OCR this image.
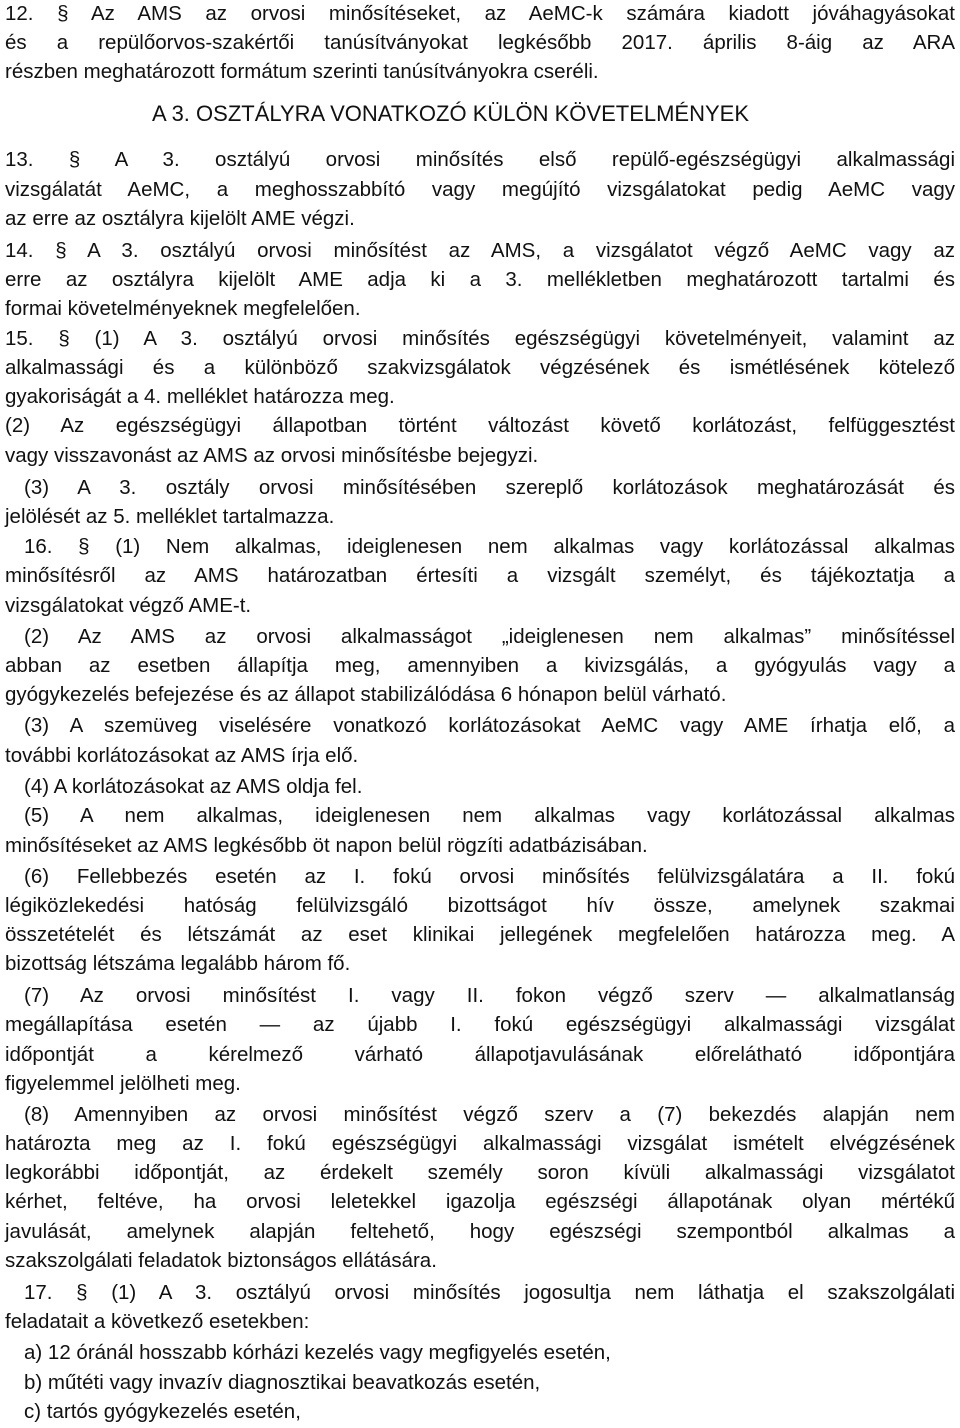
12. § Az AMS az orvosi minősítéseket, az AeMC-k számára kiadott jóváhagyásokat
és a repülőorvos-szakértői tanúsítványokat legkésőbb 2017. április 8-áig az ARA
részben meghatározott formátum szerinti tanúsítványokra cseréli.
A 3. OSZTÁLYRA VONATKOZÓ KÜLÖN KÖVETELMÉNYEK
13. § A 3. osztályú orvosi minősítés első repülő-egészségügyi alkalmassági
vizsgálatát AeMC, a meghosszabbító vagy megújító vizsgálatokat pedig AeMC vagy
az erre az osztályra kijelölt AME végzi.
14. § A 3. osztályú orvosi minősítést az AMS, a vizsgálatot végző AeMC vagy az
erre az osztályra kijelölt AME adja ki a 3. mellékletben meghatározott tartalmi és
formai követelményeknek megfelelően.
15. § (1) A 3. osztályú orvosi minősítés egészségügyi követelményeit, valamint az
alkalmassági és a különböző szakvizsgálatok végzésének és ismétlésének kötelező
gyakoriságát a 4. melléklet határozza meg.
(2) Az egészségügyi állapotban történt változást követő korlátozást, felfüggesztést
vagy visszavonást az AMS az orvosi minősítésbe bejegyzi.
(3) A 3. osztály orvosi minősítésében szereplő korlátozások meghatározását és
jelölését az 5. melléklet tartalmazza.
16. § (1) Nem alkalmas, ideiglenesen nem alkalmas vagy korlátozással alkalmas
minősítésről az AMS határozatban értesíti a vizsgált személyt, és tájékoztatja a
vizsgálatokat végző AME-t.
(2) Az AMS az orvosi alkalmasságot „ideiglenesen nem alkalmas” minősítéssel
abban az esetben állapítja meg, amennyiben a kivizsgálás, a gyógyulás vagy a
gyógykezelés befejezése és az állapot stabilizálódása 6 hónapon belül várható.
(3) A szemüveg viselésére vonatkozó korlátozásokat AeMC vagy AME írhatja elő, a
további korlátozásokat az AMS írja elő.
(4) A korlátozásokat az AMS oldja fel.
(5) A nem alkalmas, ideiglenesen nem alkalmas vagy korlátozással alkalmas
minősítéseket az AMS legkésőbb öt napon belül rögzíti adatbázisában.
(6) Fellebbezés esetén az I. fokú orvosi minősítés felülvizsgálatára a II. fokú
légiközlekedési hatóság felülvizsgáló bizottságot hív össze, amelynek szakmai
összetételét és létszámát az eset klinikai jellegének megfelelően határozza meg. A
bizottság létszáma legalább három fő.
(7) Az orvosi minősítést I. vagy II. fokon végző szerv — alkalmatlanság
megállapítása esetén — az újabb I. fokú egészségügyi alkalmassági vizsgálat
időpontját a kérelmező várható állapotjavulásának előrelátható időpontjára
figyelemmel jelölheti meg.
(8) Amennyiben az orvosi minősítést végző szerv a (7) bekezdés alapján nem
határozta meg az I. fokú egészségügyi alkalmassági vizsgálat ismételt elvégzésének
legkorábbi időpontját, az érdekelt személy soron kívüli alkalmassági vizsgálatot
kérhet, feltéve, ha orvosi leletekkel igazolja egészségi állapotának olyan mértékű
javulását, amelynek alapján feltehető, hogy egészségi szempontból alkalmas a
szakszolgálati feladatok biztonságos ellátására.
17. § (1) A 3. osztályú orvosi minősítés jogosultja nem láthatja el szakszolgálati
feladatait a következő esetekben:
a) 12 óránál hosszabb kórházi kezelés vagy megfigyelés esetén,
b) műtéti vagy invazív diagnosztikai beavatkozás esetén,
c) tartós gyógykezelés esetén,
